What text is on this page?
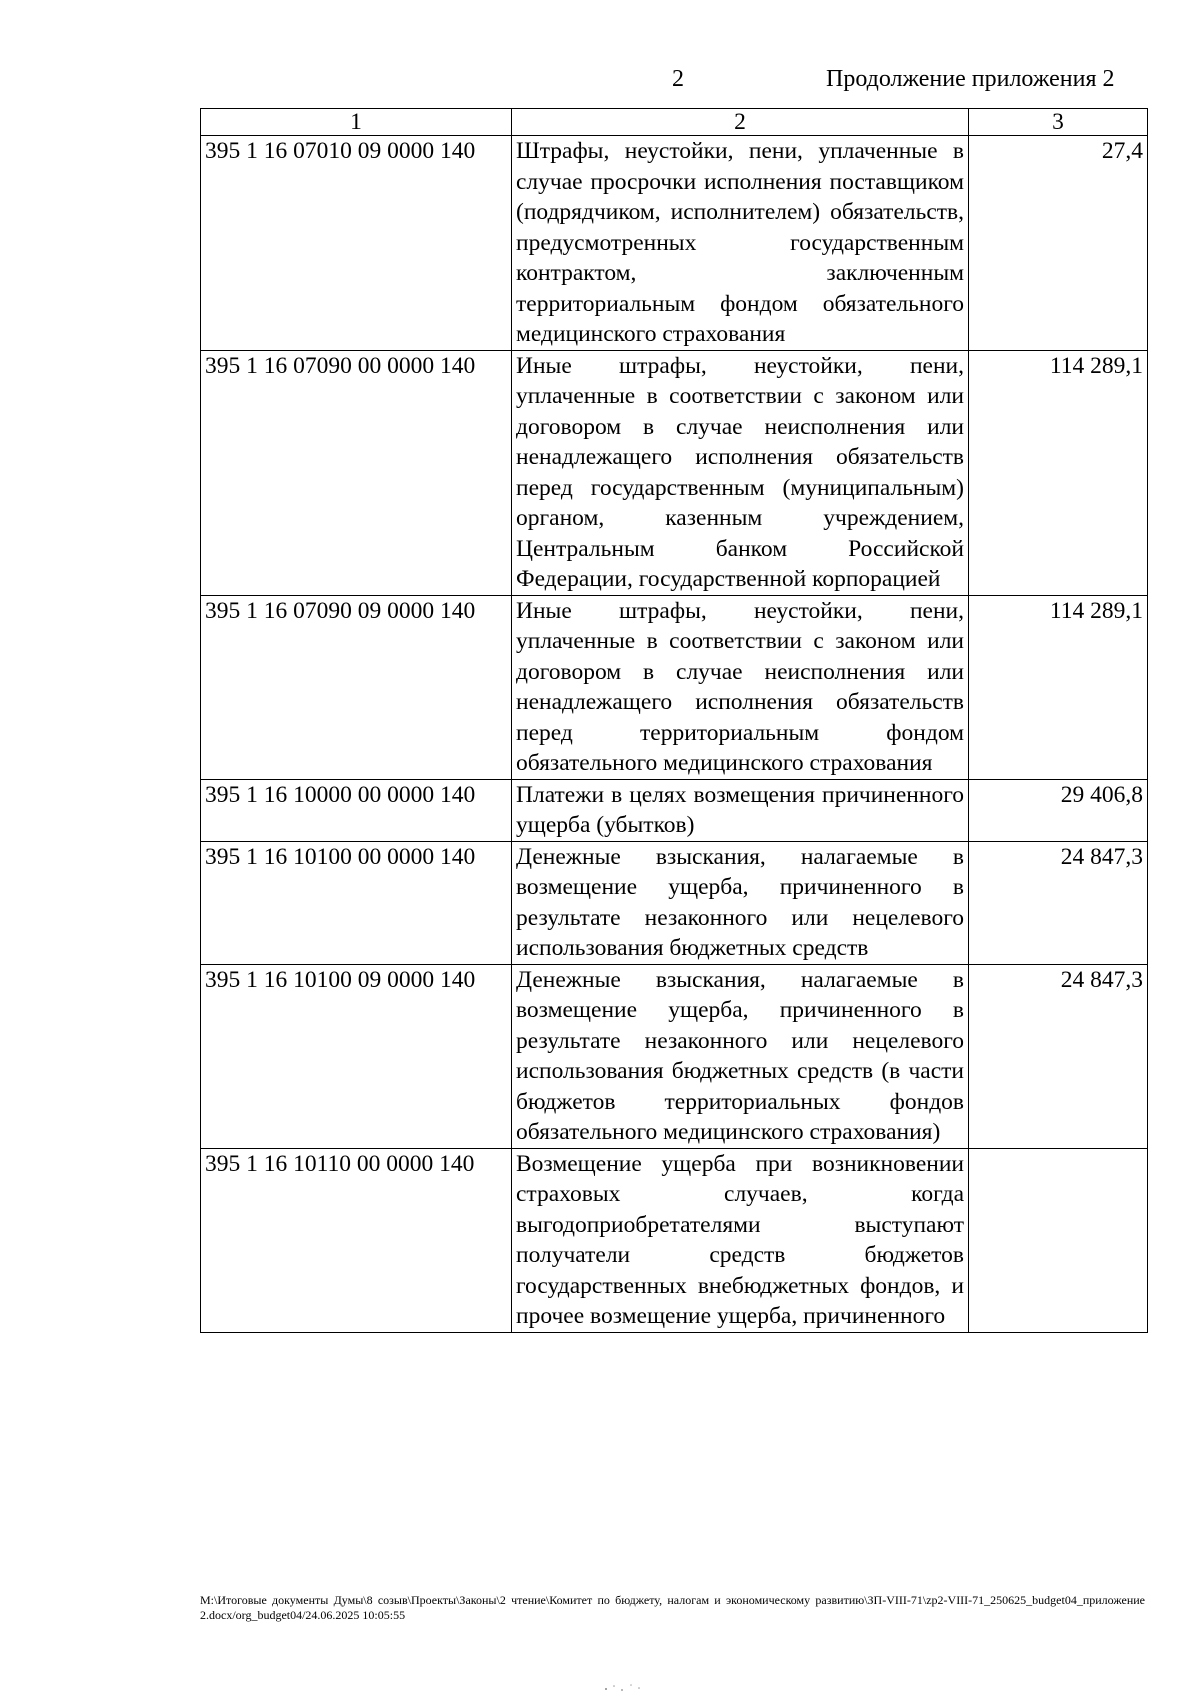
2	Продолжение приложения 2
1	2	3
395 1 16 07010 09 0000 140	Штрафы, неустойки, пени, уплаченные в случае просрочки исполнения поставщиком (подрядчиком, исполнителем) обязательств, предусмотренных государственным контрактом, заключенным территориальным фондом обязательного медицинского страхования	27,4
395 1 16 07090 00 0000 140	Иные штрафы, неустойки, пени, уплаченные в соответствии с законом или договором в случае неисполнения или ненадлежащего исполнения обязательств перед государственным (муниципальным) органом, казенным учреждением, Центральным банком Российской Федерации, государственной корпорацией	114 289,1
395 1 16 07090 09 0000 140	Иные штрафы, неустойки, пени, уплаченные в соответствии с законом или договором в случае неисполнения или ненадлежащего исполнения обязательств перед территориальным фондом обязательного медицинского страхования	114 289,1
395 1 16 10000 00 0000 140	Платежи в целях возмещения причиненного ущерба (убытков)	29 406,8
395 1 16 10100 00 0000 140	Денежные взыскания, налагаемые в возмещение ущерба, причиненного в результате незаконного или нецелевого использования бюджетных средств	24 847,3
395 1 16 10100 09 0000 140	Денежные взыскания, налагаемые в возмещение ущерба, причиненного в результате незаконного или нецелевого использования бюджетных средств (в части бюджетов территориальных фондов обязательного медицинского страхования)	24 847,3
395 1 16 10110 00 0000 140	Возмещение ущерба при возникновении страховых случаев, когда выгодоприобретателями выступают получатели средств бюджетов государственных внебюджетных фондов, и прочее возмещение ущерба, причиненного	
М:\Итоговые документы Думы\8 созыв\Проекты\Законы\2 чтение\Комитет по бюджету, налогам и экономическому развитию\ЗП-VIII-71\zp2-VIII-71_250625_budget04_приложение 2.docx/org_budget04/24.06.2025 10:05:55
